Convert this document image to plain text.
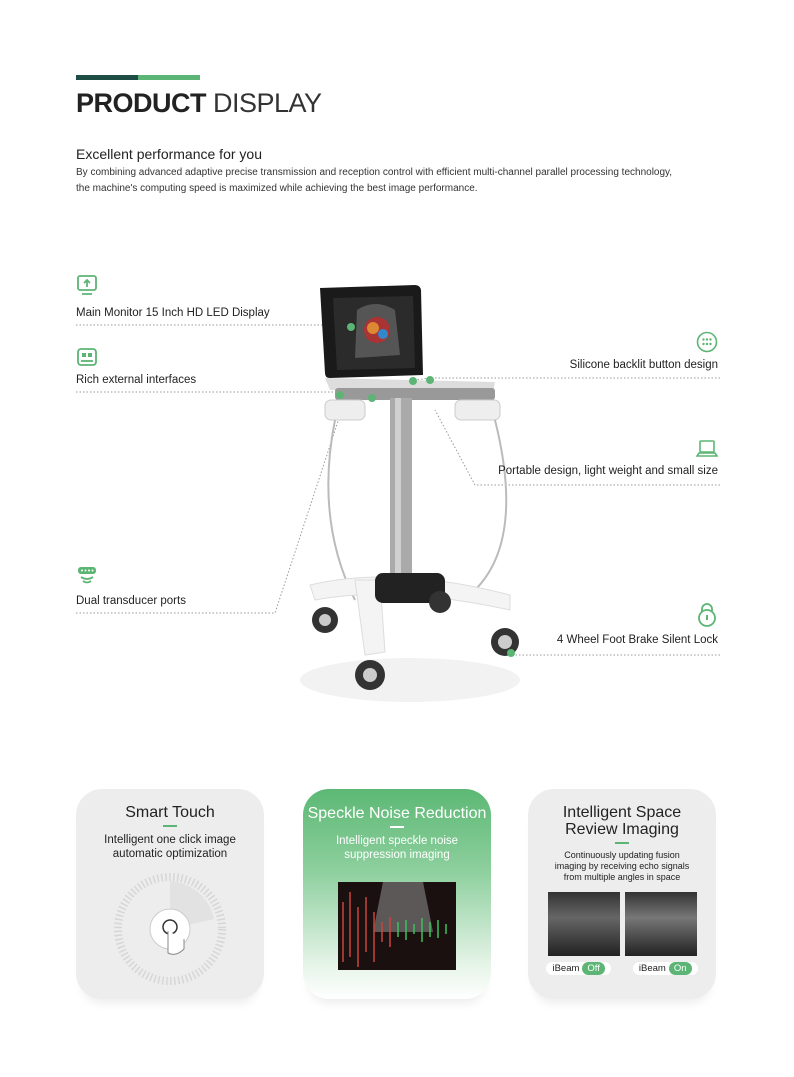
PRODUCT DISPLAY
Excellent performance for you
By combining advanced adaptive precise transmission and reception control with efficient multi-channel parallel processing technology,
the machine's computing speed is maximized while achieving the best image performance.
Main Monitor 15 Inch HD LED Display
Rich external interfaces
Dual transducer ports
Silicone backlit button design
Portable design, light weight and small size
4 Wheel Foot Brake Silent Lock
Smart Touch

Intelligent one click image
automatic optimization

Speckle Noise Reduction

Intelligent speckle noise
suppression imaging

Intelligent Space
Review Imaging

Continuously updating fusion
imaging by receiving echo signals
from multiple angles in space

iBeam Off	iBeam On
